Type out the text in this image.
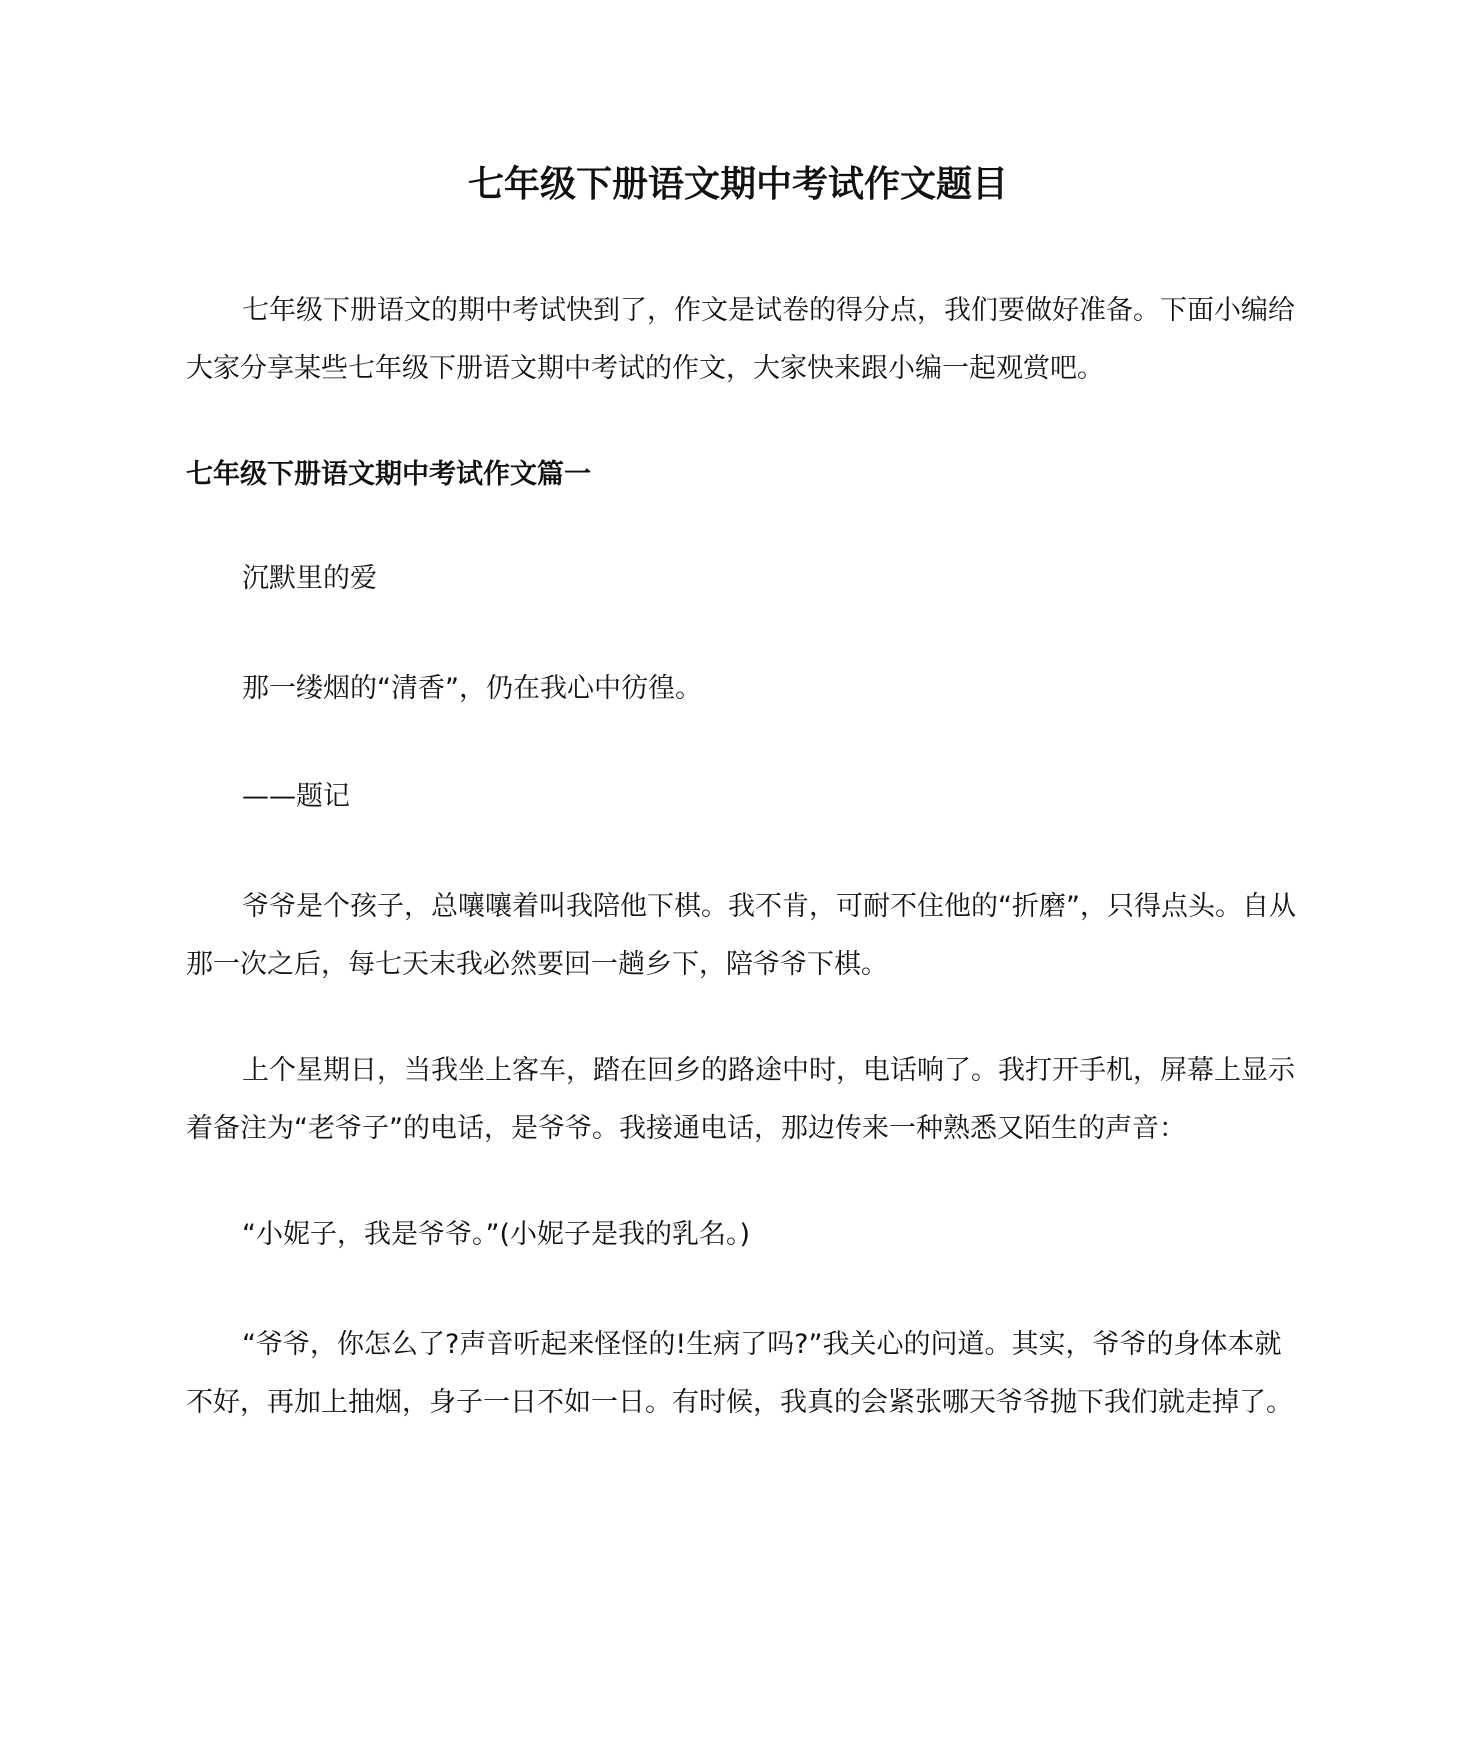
七年级下册语文期中考试作文题目

七年级下册语文的期中考试快到了，作文是试卷的得分点，我们要做好准备。下面小编给大家分享某些七年级下册语文期中考试的作文，大家快来跟小编一起观赏吧。

七年级下册语文期中考试作文篇一

沉默里的爱

那一缕烟的“清香”，仍在我心中彷徨。

——题记

爷爷是个孩子，总嚷嚷着叫我陪他下棋。我不肯，可耐不住他的“折磨”，只得点头。自从那一次之后，每七天末我必然要回一趟乡下，陪爷爷下棋。

上个星期日，当我坐上客车，踏在回乡的路途中时，电话响了。我打开手机，屏幕上显示着备注为“老爷子”的电话，是爷爷。我接通电话，那边传来一种熟悉又陌生的声音：

“小妮子，我是爷爷。”(小妮子是我的乳名。)

“爷爷，你怎么了?声音听起来怪怪的!生病了吗?”我关心的问道。其实，爷爷的身体本就不好，再加上抽烟，身子一日不如一日。有时候，我真的会紧张哪天爷爷抛下我们就走掉了。
